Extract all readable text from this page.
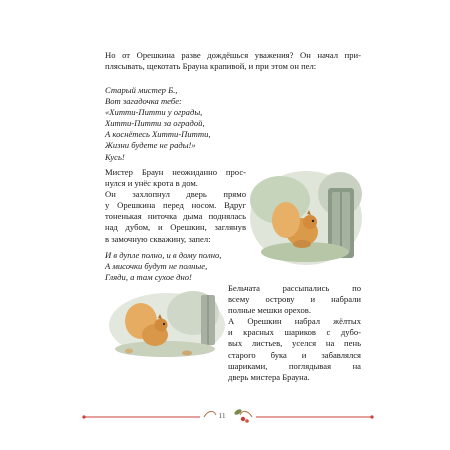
Но от Орешкина разве дождёшься уважения? Он начал при-
плясывать, щекотать Брауна крапивой, и при этом он пел:
Старый мистер Б.,
Вот загадочка тебе:
«Хитти-Питти у ограды,
Хитти-Питти за оградой,
А коснётесь Хитти-Питти,
Жизни будете не рады!»
Кусь!
Мистер Браун неожиданно прос-
нулся и унёс крота в дом.
Он захлопнул дверь прямо
у Орешкина перед носом. Вдруг
тоненькая ниточка дыма поднялась
над дубом, и Орешкин, заглянув
в замочную скважину, запел:
И в дупле полно, и в дому полно,
А мисочки будут не полные,
Гляди, а там сухое дно!
Бельчата рассыпались по
всему острову и набрали
полные мешки орехов.
А Орешкин набрал жёлтых
и красных шариков с дубо-
вых листьев, уселся на пень
старого бука и забавлялся
шариками, поглядывая на
дверь мистера Брауна.
11
